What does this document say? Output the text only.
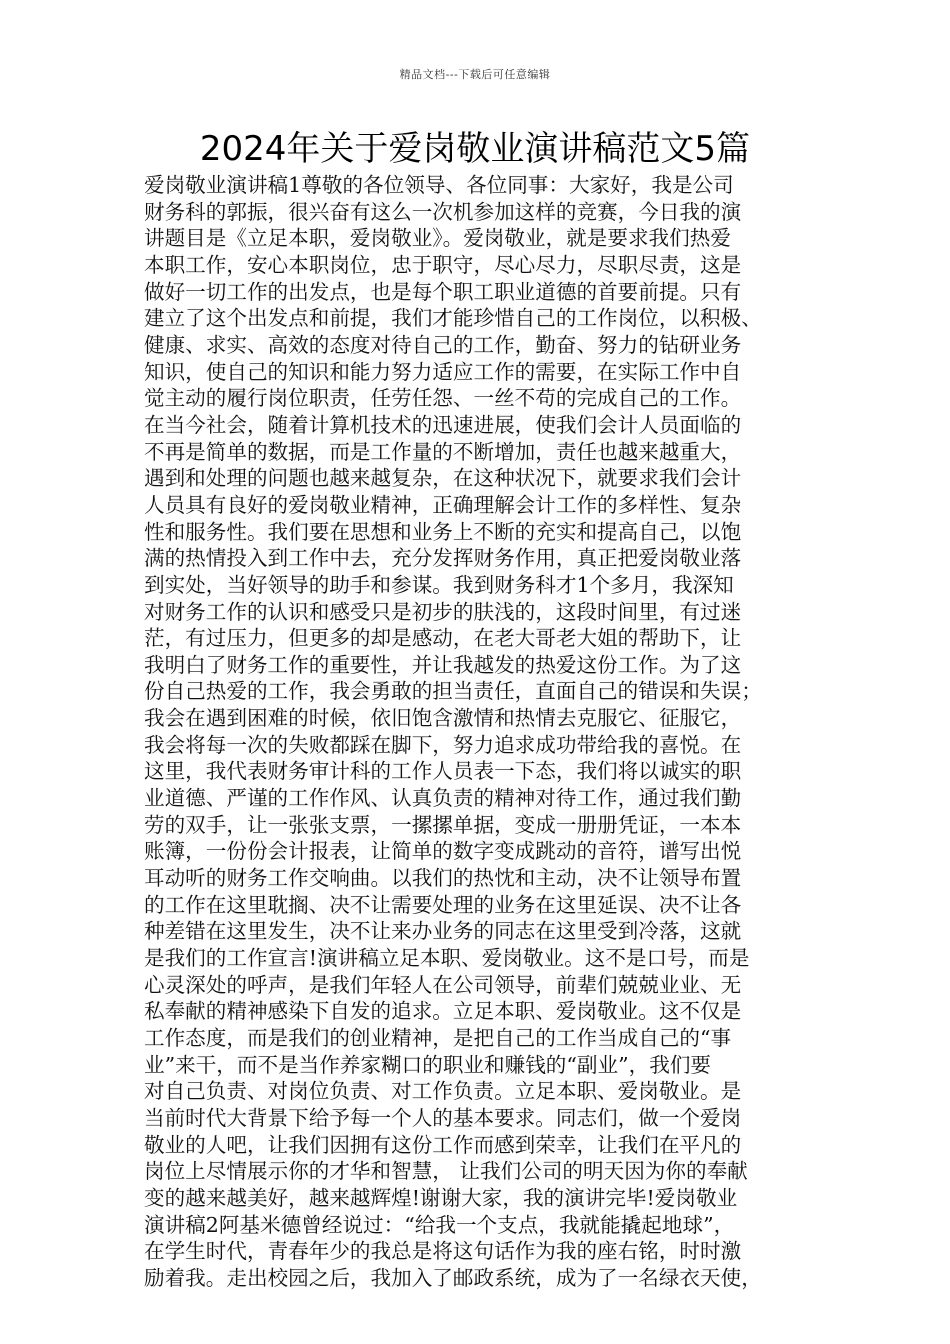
精品文档---下载后可任意编辑
2024年关于爱岗敬业演讲稿范文5篇
爱岗敬业演讲稿1尊敬的各位领导、各位同事：大家好，我是公司
财务科的郭振，很兴奋有这么一次机参加这样的竞赛，今日我的演
讲题目是《立足本职，爱岗敬业》。爱岗敬业，就是要求我们热爱
本职工作，安心本职岗位，忠于职守，尽心尽力，尽职尽责，这是
做好一切工作的出发点，也是每个职工职业道德的首要前提。只有
建立了这个出发点和前提，我们才能珍惜自己的工作岗位，以积极、
健康、求实、高效的态度对待自己的工作，勤奋、努力的钻研业务
知识，使自己的知识和能力努力适应工作的需要，在实际工作中自
觉主动的履行岗位职责，任劳任怨、一丝不苟的完成自己的工作。
在当今社会，随着计算机技术的迅速进展，使我们会计人员面临的
不再是简单的数据，而是工作量的不断增加，责任也越来越重大，
遇到和处理的问题也越来越复杂，在这种状况下，就要求我们会计
人员具有良好的爱岗敬业精神，正确理解会计工作的多样性、复杂
性和服务性。我们要在思想和业务上不断的充实和提高自己，以饱
满的热情投入到工作中去，充分发挥财务作用，真正把爱岗敬业落
到实处，当好领导的助手和参谋。我到财务科才1个多月，我深知
对财务工作的认识和感受只是初步的肤浅的，这段时间里，有过迷
茫，有过压力，但更多的却是感动，在老大哥老大姐的帮助下，让
我明白了财务工作的重要性，并让我越发的热爱这份工作。为了这
份自己热爱的工作，我会勇敢的担当责任，直面自己的错误和失误；
我会在遇到困难的时候，依旧饱含激情和热情去克服它、征服它，
我会将每一次的失败都踩在脚下，努力追求成功带给我的喜悦。在
这里，我代表财务审计科的工作人员表一下态，我们将以诚实的职
业道德、严谨的工作作风、认真负责的精神对待工作，通过我们勤
劳的双手，让一张张支票，一摞摞单据，变成一册册凭证，一本本
账簿，一份份会计报表，让简单的数字变成跳动的音符，谱写出悦
耳动听的财务工作交响曲。以我们的热忱和主动，决不让领导布置
的工作在这里耽搁、决不让需要处理的业务在这里延误、决不让各
种差错在这里发生，决不让来办业务的同志在这里受到冷落，这就
是我们的工作宣言!演讲稿立足本职、爱岗敬业。这不是口号，而是
心灵深处的呼声，是我们年轻人在公司领导，前辈们兢兢业业、无
私奉献的精神感染下自发的追求。立足本职、爱岗敬业。这不仅是
工作态度，而是我们的创业精神，是把自己的工作当成自己的“事
业”来干，而不是当作养家糊口的职业和赚钱的“副业”，我们要
对自己负责、对岗位负责、对工作负责。立足本职、爱岗敬业。是
当前时代大背景下给予每一个人的基本要求。同志们，做一个爱岗
敬业的人吧，让我们因拥有这份工作而感到荣幸，让我们在平凡的
岗位上尽情展示你的才华和智慧， 让我们公司的明天因为你的奉献
变的越来越美好，越来越辉煌!谢谢大家，我的演讲完毕!爱岗敬业
演讲稿2阿基米德曾经说过：“给我一个支点，我就能撬起地球”，
在学生时代，青春年少的我总是将这句话作为我的座右铭，时时激
励着我。走出校园之后，我加入了邮政系统，成为了一名绿衣天使，
